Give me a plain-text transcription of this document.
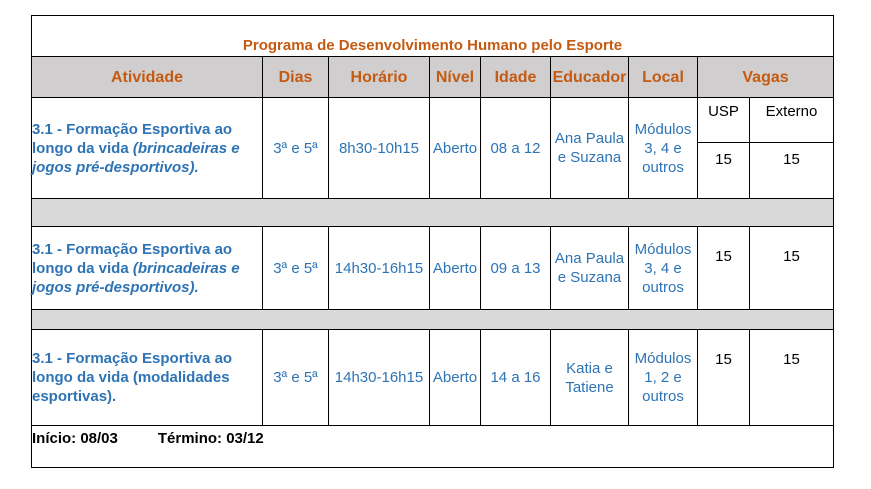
Programa de Desenvolvimento Humano pelo Esporte								
Atividade	Dias	Horário	Nível	Idade	Educador	Local	Vagas	
3.1 - Formação Esportiva ao longo da vida (brincadeiras e jogos pré-desportivos).	3ª e 5ª	8h30-10h15	Aberto	08 a 12	Ana Paula e Suzana	Módulos 3, 4 e outros	USP	Externo
							15	15

3.1 - Formação Esportiva ao longo da vida (brincadeiras e jogos pré-desportivos).	3ª e 5ª	14h30-16h15	Aberto	09 a 13	Ana Paula e Suzana	Módulos 3, 4 e outros	15	15

3.1 - Formação Esportiva ao longo da vida (modalidades esportivas).	3ª e 5ª	14h30-16h15	Aberto	14 a 16	Katia e Tatiene	Módulos 1, 2 e outros	15	15
Início: 08/03 Término: 03/12								
